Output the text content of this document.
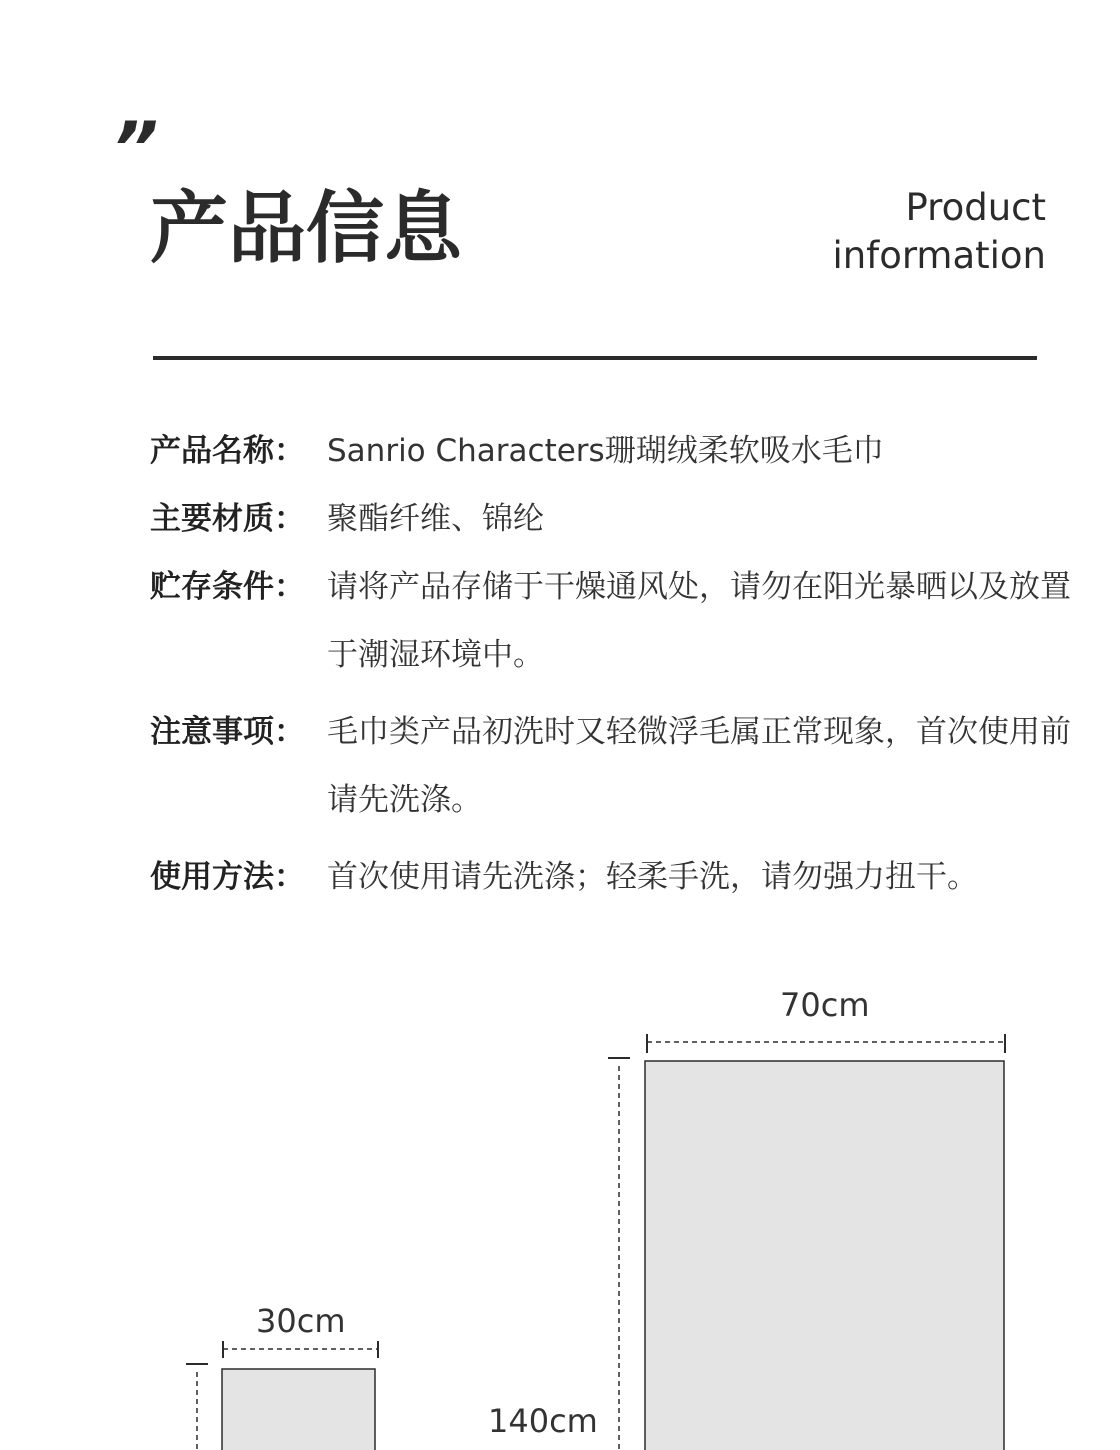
”
产品信息	Product
information
产品名称： Sanrio Characters珊瑚绒柔软吸水毛巾
主要材质： 聚酯纤维、锦纶
贮存条件： 请将产品存储于干燥通风处，请勿在阳光暴晒以及放置于潮湿环境中。
注意事项： 毛巾类产品初洗时又轻微浮毛属正常现象，首次使用前请先洗涤。
使用方法： 首次使用请先洗涤；轻柔手洗，请勿强力扭干。
30cm
70cm
140cm
